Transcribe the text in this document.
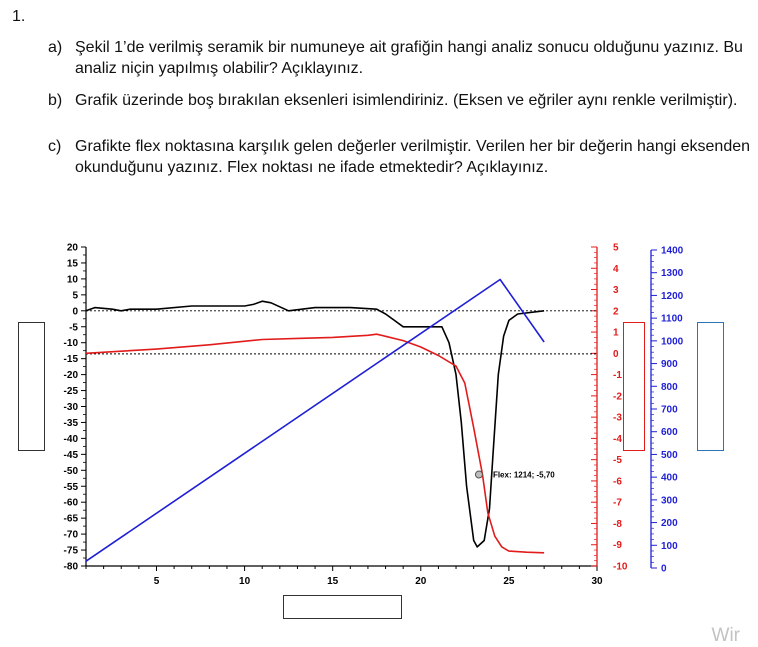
1.
a) Şekil 1’de verilmiş seramik bir numuneye ait grafiğin hangi analiz sonucu olduğunu yazınız. Bu analiz niçin yapılmış olabilir? Açıklayınız.
b) Grafik üzerinde boş bırakılan eksenleri isimlendiriniz. (Eksen ve eğriler aynı renkle verilmiştir).
c) Grafikte flex noktasına karşılık gelen değerler verilmiştir. Verilen her bir değerin hangi eksenden okunduğunu yazınız. Flex noktası ne ifade etmektedir? Açıklayınız.
20
15
10
5
0
-5
-10
-15
-20
-25
-30
-35
-40
-45
-50
-55
-60
-65
-70
-75
-80
5	10	15	20	25	30
5
4
3
2
1
0
-1
-2
-3
-4
-5
-6
-7
-8
-9
-10
1400
1300
1200
1100
1000
900
800
700
600
500
400
300
200
100
0
Flex: 1214; -5,70
Wir
